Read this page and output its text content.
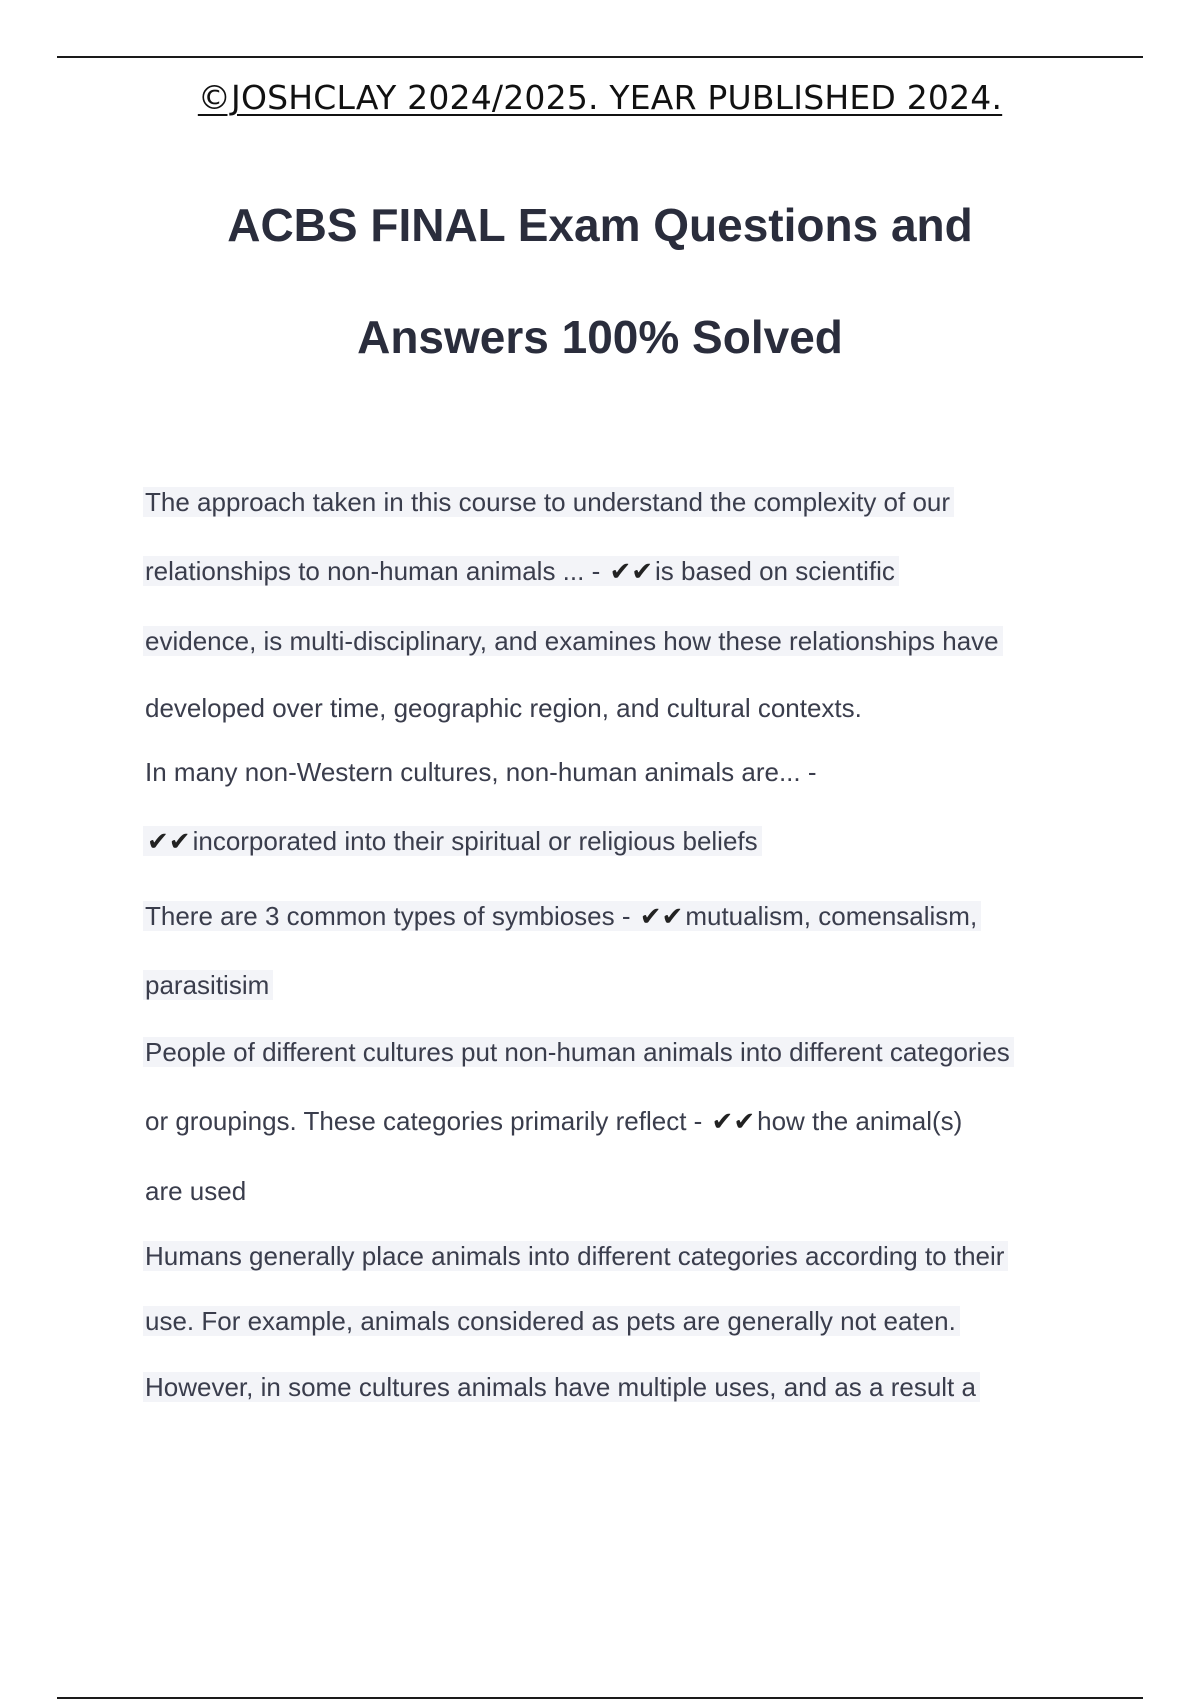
©JOSHCLAY 2024/2025. YEAR PUBLISHED 2024.
ACBS FINAL Exam Questions and
Answers 100% Solved
The approach taken in this course to understand the complexity of our
relationships to non-human animals ... - ✔✔is based on scientific
evidence, is multi-disciplinary, and examines how these relationships have
developed over time, geographic region, and cultural contexts.
In many non-Western cultures, non-human animals are... -
✔✔incorporated into their spiritual or religious beliefs
There are 3 common types of symbioses - ✔✔mutualism, comensalism,
parasitisim
People of different cultures put non-human animals into different categories
or groupings. These categories primarily reflect - ✔✔how the animal(s)
are used
Humans generally place animals into different categories according to their
use. For example, animals considered as pets are generally not eaten.
However, in some cultures animals have multiple uses, and as a result a
